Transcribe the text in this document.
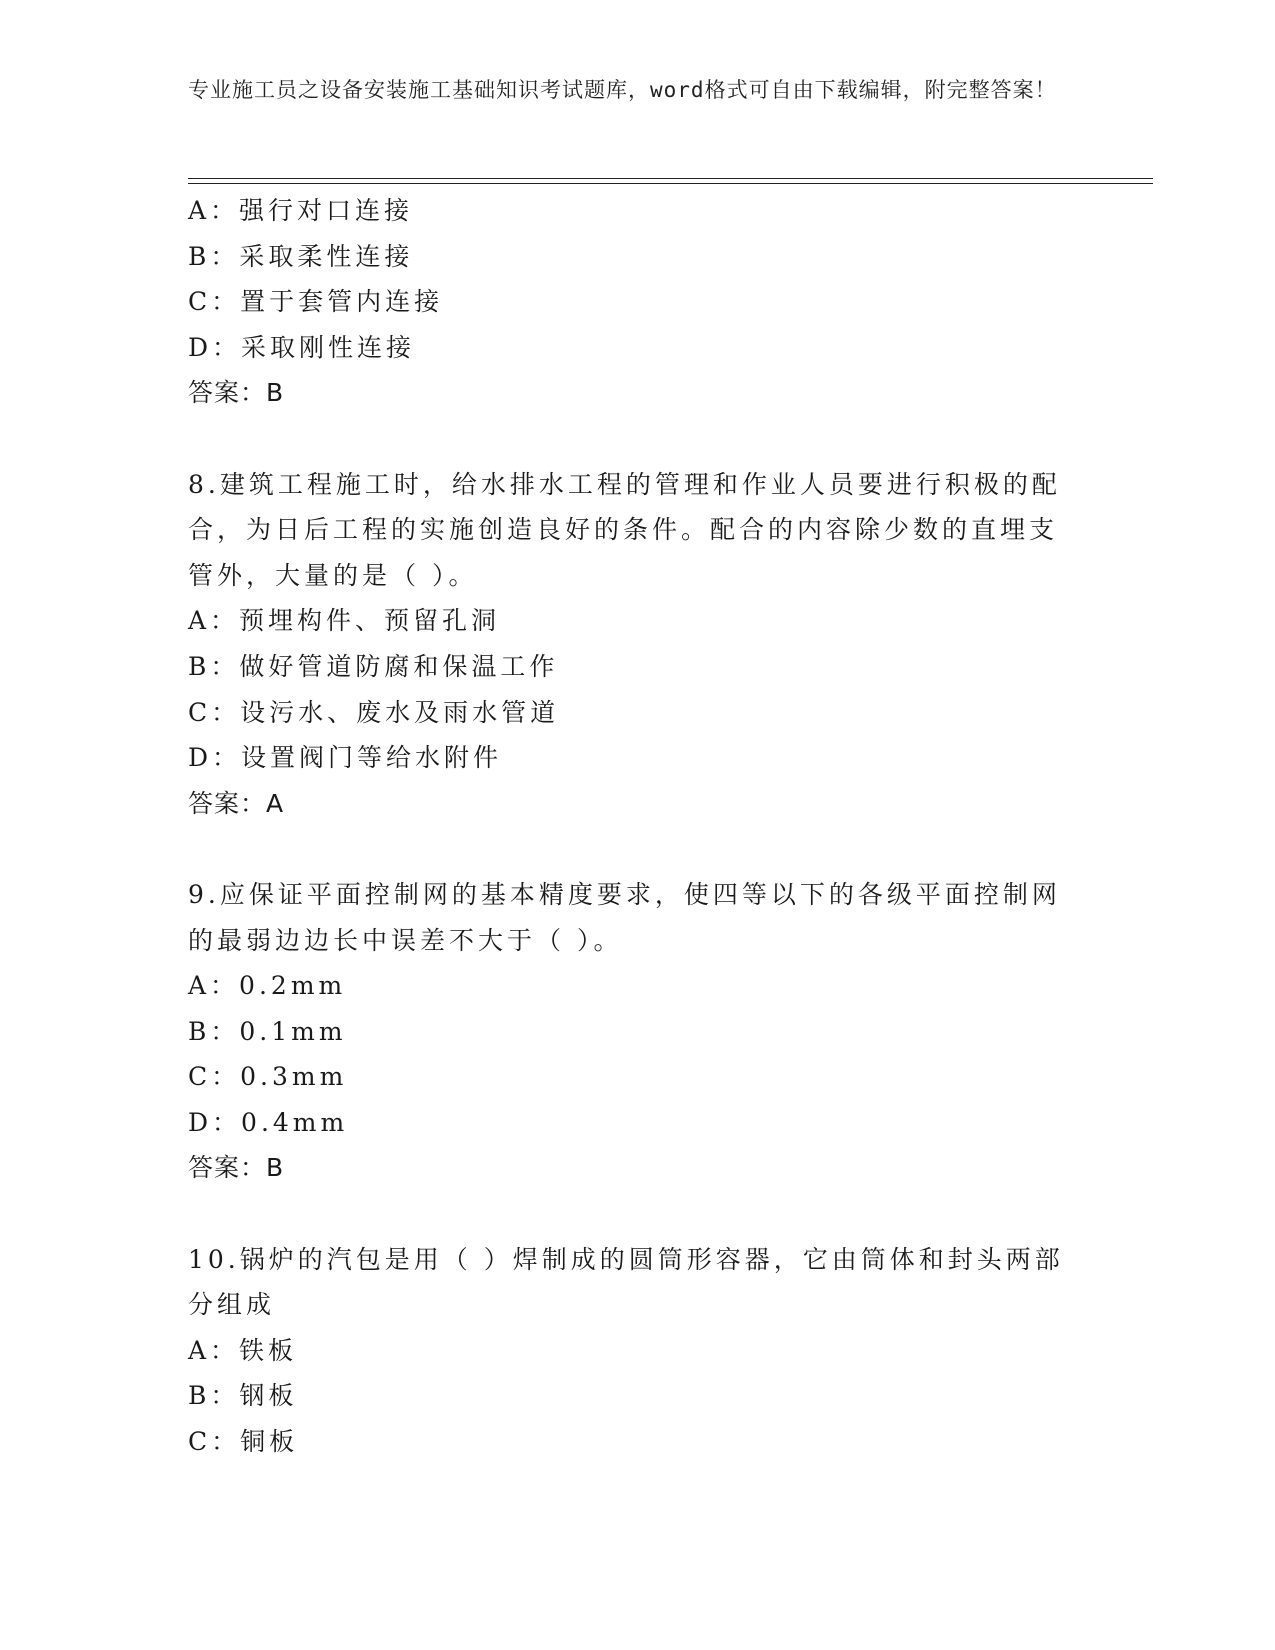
专业施工员之设备安装施工基础知识考试题库，word格式可自由下载编辑，附完整答案！
A：强行对口连接
B：采取柔性连接
C：置于套管内连接
D：采取刚性连接
答案：B
8.建筑工程施工时，给水排水工程的管理和作业人员要进行积极的配
合，为日后工程的实施创造良好的条件。配合的内容除少数的直埋支
管外，大量的是（ ）。
A：预埋构件、预留孔洞
B：做好管道防腐和保温工作
C：设污水、废水及雨水管道
D：设置阀门等给水附件
答案：A
9.应保证平面控制网的基本精度要求，使四等以下的各级平面控制网
的最弱边边长中误差不大于（ ）。
A：0.2mm
B：0.1mm
C：0.3mm
D：0.4mm
答案：B
10.锅炉的汽包是用（ ）焊制成的圆筒形容器，它由筒体和封头两部
分组成
A：铁板
B：钢板
C：铜板
